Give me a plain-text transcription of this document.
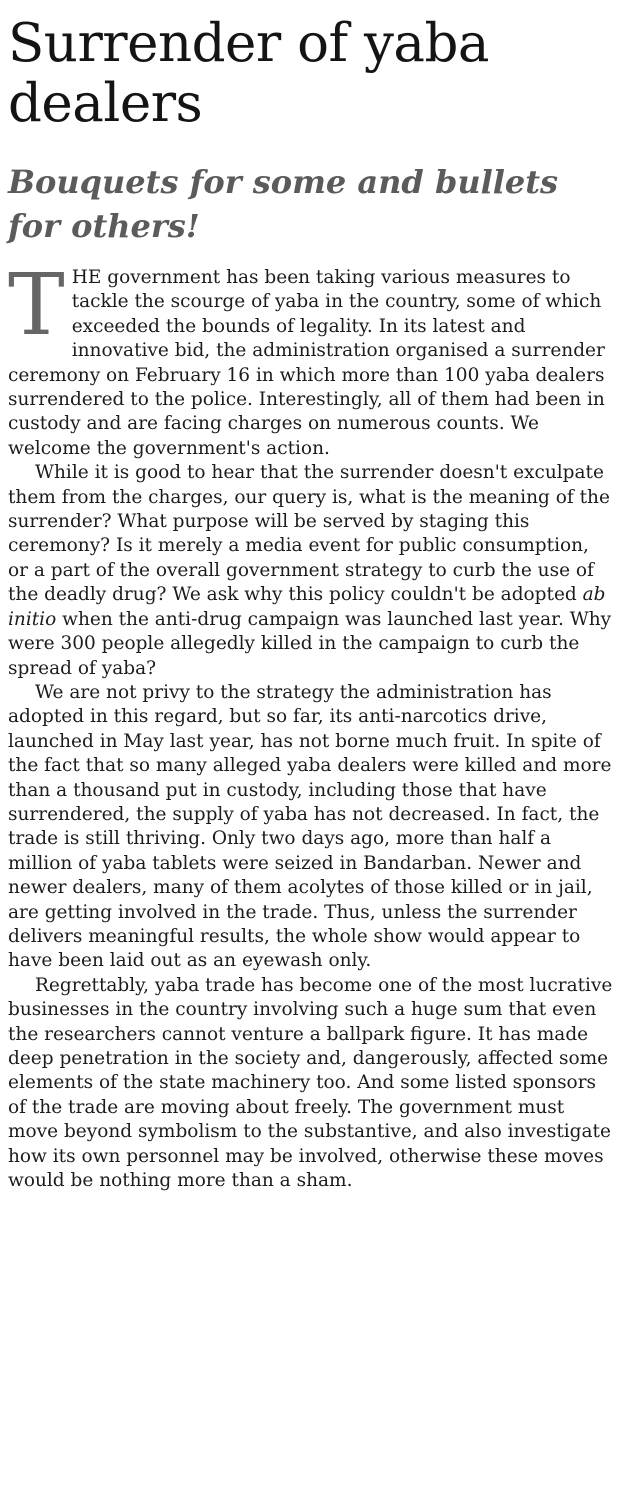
Surrender of yaba dealers
Bouquets for some and bullets for others!

THE government has been taking various measures to tackle the scourge of yaba in the country, some of which exceeded the bounds of legality. In its latest and innovative bid, the administration organised a surrender ceremony on February 16 in which more than 100 yaba dealers surrendered to the police. Interestingly, all of them had been in custody and are facing charges on numerous counts. We welcome the government's action.

While it is good to hear that the surrender doesn't exculpate them from the charges, our query is, what is the meaning of the surrender? What purpose will be served by staging this ceremony? Is it merely a media event for public consumption, or a part of the overall government strategy to curb the use of the deadly drug? We ask why this policy couldn't be adopted ab initio when the anti-drug campaign was launched last year. Why were 300 people allegedly killed in the campaign to curb the spread of yaba?

We are not privy to the strategy the administration has adopted in this regard, but so far, its anti-narcotics drive, launched in May last year, has not borne much fruit. In spite of the fact that so many alleged yaba dealers were killed and more than a thousand put in custody, including those that have surrendered, the supply of yaba has not decreased. In fact, the trade is still thriving. Only two days ago, more than half a million of yaba tablets were seized in Bandarban. Newer and newer dealers, many of them acolytes of those killed or in jail, are getting involved in the trade. Thus, unless the surrender delivers meaningful results, the whole show would appear to have been laid out as an eyewash only.

Regrettably, yaba trade has become one of the most lucrative businesses in the country involving such a huge sum that even the researchers cannot venture a ballpark figure. It has made deep penetration in the society and, dangerously, affected some elements of the state machinery too. And some listed sponsors of the trade are moving about freely. The government must move beyond symbolism to the substantive, and also investigate how its own personnel may be involved, otherwise these moves would be nothing more than a sham.
